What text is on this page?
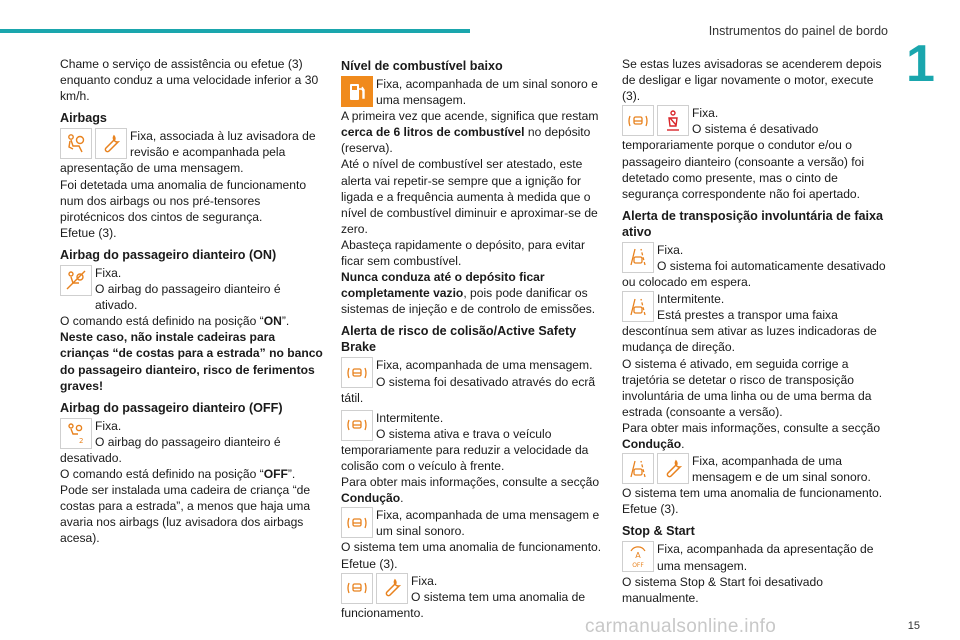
Instrumentos do painel de bordo
1

Chame o serviço de assistência ou efetue (3) enquanto conduz a uma velocidade inferior a 30 km/h.

Airbags
Fixa, associada à luz avisadora de revisão e acompanhada pela

apresentação de uma mensagem.

Foi detetada uma anomalia de funcionamento num dos airbags ou nos pré-tensores pirotécnicos dos cintos de segurança.

Efetue (3).

Airbag do passageiro dianteiro (ON)

Fixa.

O airbag do passageiro dianteiro é ativado.

O comando está definido na posição “ON”.

Neste caso, não instale cadeiras para crianças “de costas para a estrada” no banco do passageiro dianteiro, risco de ferimentos graves!

Airbag do passageiro dianteiro (OFF)
2

Fixa.

O airbag do passageiro dianteiro é

desativado.

O comando está definido na posição “OFF”.

Pode ser instalada uma cadeira de criança “de costas para a estrada”, a menos que haja uma avaria nos airbags (luz avisadora dos airbags acesa).

Nível de combustível baixo
Fixa, acompanhada de um sinal sonoro e uma mensagem.

A primeira vez que acende, significa que restam cerca de 6 litros de combustível no depósito (reserva).

Até o nível de combustível ser atestado, este alerta vai repetir-se sempre que a ignição for ligada e a frequência aumenta à medida que o nível de combustível diminuir e aproximar-se de zero.

Abasteça rapidamente o depósito, para evitar ficar sem combustível.

Nunca conduza até o depósito ficar completamente vazio, pois pode danificar os sistemas de injeção e de controlo de emissões.

Alerta de risco de colisão/Active Safety Brake

Fixa, acompanhada de uma mensagem.

O sistema foi desativado através do ecrã

tátil.

Intermitente.

O sistema ativa e trava o veículo

temporariamente para reduzir a velocidade da colisão com o veículo à frente.

Para obter mais informações, consulte a secção

Condução.

Fixa, acompanhada de uma mensagem e um sinal sonoro.

O sistema tem uma anomalia de funcionamento.

Efetue (3).

Fixa.

O sistema tem uma anomalia de

funcionamento.

Se estas luzes avisadoras se acenderem depois de desligar e ligar novamente o motor, execute (3).

Fixa.

O sistema é desativado

temporariamente porque o condutor e/ou o passageiro dianteiro (consoante a versão) foi detetado como presente, mas o cinto de segurança correspondente não foi apertado.

Alerta de transposição involuntária de faixa ativo

Fixa.

O sistema foi automaticamente desativado

ou colocado em espera.

Intermitente.

Está prestes a transpor uma faixa

descontínua sem ativar as luzes indicadoras de mudança de direção.

O sistema é ativado, em seguida corrige a trajetória se detetar o risco de transposição involuntária de uma linha ou de uma berma da estrada (consoante a versão).

Para obter mais informações, consulte a secção

Condução.

Fixa, acompanhada de uma mensagem e de um sinal sonoro.

O sistema tem uma anomalia de funcionamento.

Efetue (3).

Stop & Start
A
OFF
Fixa, acompanhada da apresentação de uma mensagem.

O sistema Stop & Start foi desativado manualmente.

carmanualsonline.info	15
